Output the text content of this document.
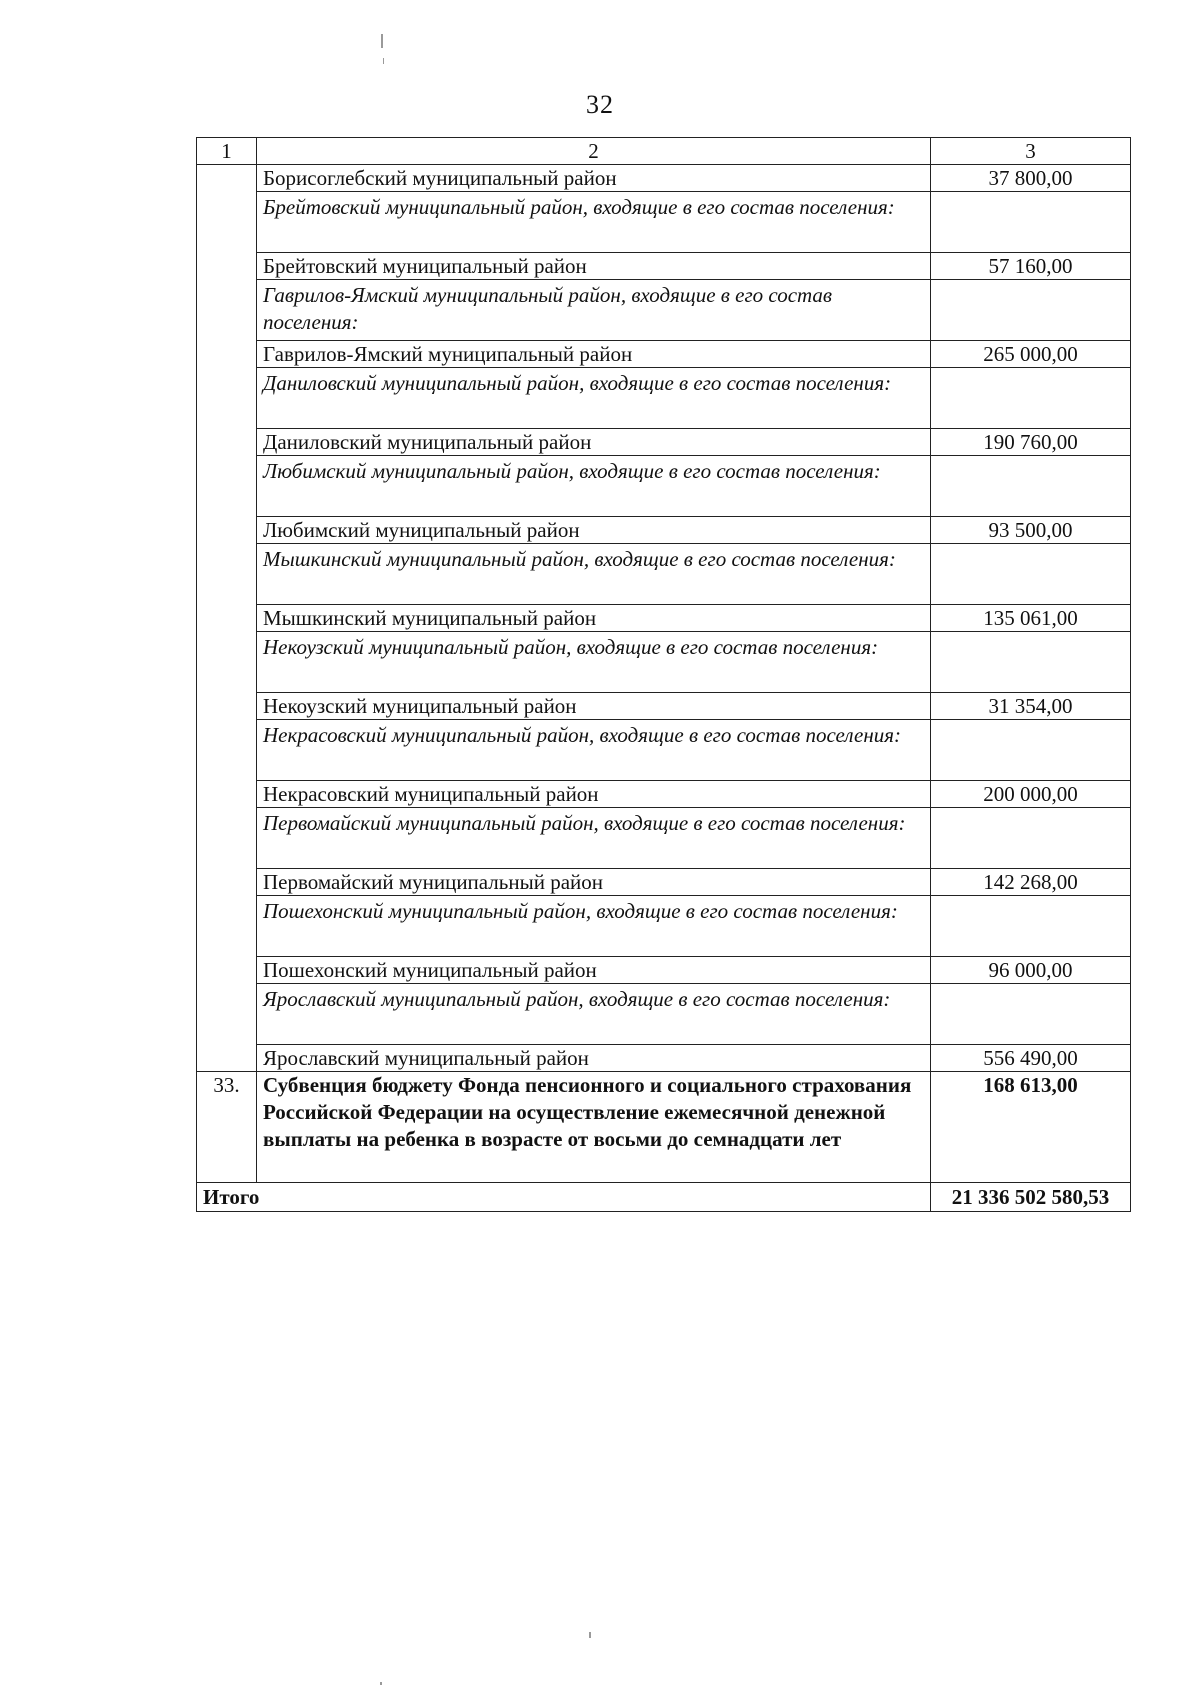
32
1	2	3
	Борисоглебский муниципальный район	37 800,00
	Брейтовский муниципальный район, входящие в его состав поселения:	
	Брейтовский муниципальный район	57 160,00
	Гаврилов-Ямский муниципальный район, входящие в его состав поселения:	
	Гаврилов-Ямский муниципальный район	265 000,00
	Даниловский муниципальный район, входящие в его состав поселения:	
	Даниловский муниципальный район	190 760,00
	Любимский муниципальный район, входящие в его состав поселения:	
	Любимский муниципальный район	93 500,00
	Мышкинский муниципальный район, входящие в его состав поселения:	
	Мышкинский муниципальный район	135 061,00
	Некоузский муниципальный район, входящие в его состав поселения:	
	Некоузский муниципальный район	31 354,00
	Некрасовский муниципальный район, входящие в его состав поселения:	
	Некрасовский муниципальный район	200 000,00
	Первомайский муниципальный район, входящие в его состав поселения:	
	Первомайский муниципальный район	142 268,00
	Пошехонский муниципальный район, входящие в его состав поселения:	
	Пошехонский муниципальный район	96 000,00
	Ярославский муниципальный район, входящие в его состав поселения:	
	Ярославский муниципальный район	556 490,00
33.	Субвенция бюджету Фонда пенсионного и социального страхования Российской Федерации на осуществление ежемесячной денежной выплаты на ребенка в возрасте от восьми до семнадцати лет	168 613,00
Итого		21 336 502 580,53
